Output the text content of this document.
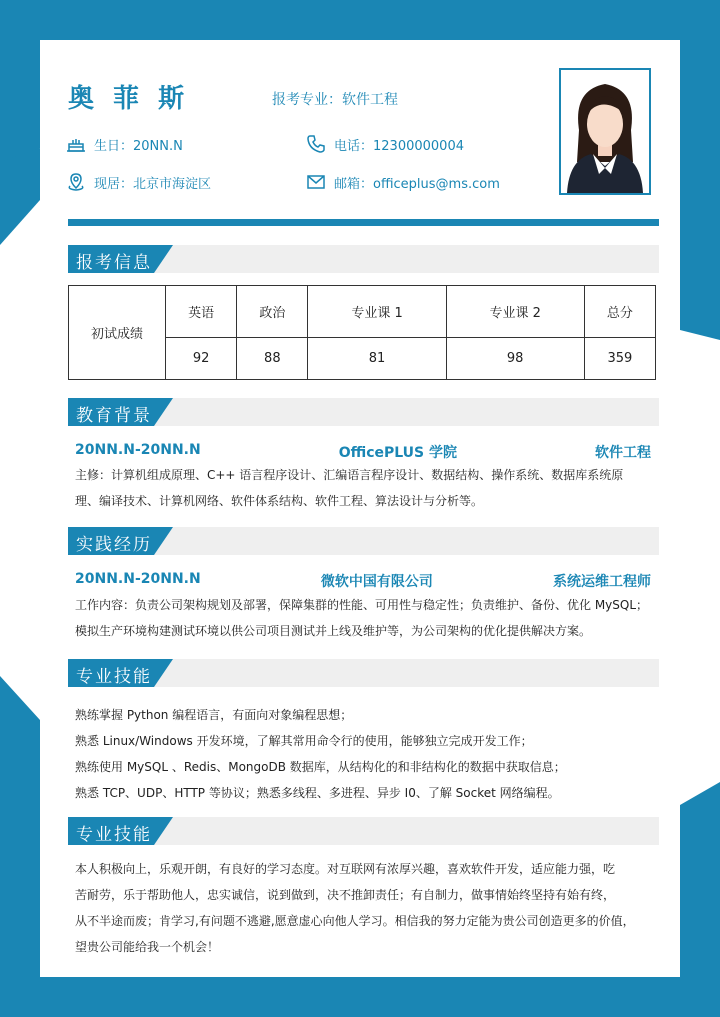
奥 菲 斯	报考专业：软件工程
生日：20NN.N	电话：12300000004
现居：北京市海淀区	邮箱：officeplus@ms.com
报考信息
初试成绩	英语	政治	专业课 1	专业课 2	总分
	92	88	81	98	359
教育背景
20NN.N-20NN.N	OfficePLUS 学院	软件工程
主修：计算机组成原理、C++ 语言程序设计、汇编语言程序设计、数据结构、操作系统、数据库系统原
理、编译技术、计算机网络、软件体系结构、软件工程、算法设计与分析等。
实践经历
20NN.N-20NN.N	微软中国有限公司	系统运维工程师
工作内容：负责公司架构规划及部署，保障集群的性能、可用性与稳定性；负责维护、备份、优化 MySQL；
模拟生产环境构建测试环境以供公司项目测试并上线及维护等，为公司架构的优化提供解决方案。
专业技能
熟练掌握 Python 编程语言，有面向对象编程思想；
熟悉 Linux/Windows 开发环境，了解其常用命令行的使用，能够独立完成开发工作；
熟练使用 MySQL 、Redis、MongoDB 数据库，从结构化的和非结构化的数据中获取信息；
熟悉 TCP、UDP、HTTP 等协议；熟悉多线程、多进程、异步 I0、了解 Socket 网络编程。
专业技能
本人积极向上，乐观开朗，有良好的学习态度。对互联网有浓厚兴趣，喜欢软件开发，适应能力强，吃
苦耐劳，乐于帮助他人，忠实诚信，说到做到，决不推卸责任；有自制力，做事情始终坚持有始有终，
从不半途而废；肯学习,有问题不逃避,愿意虚心向他人学习。相信我的努力定能为贵公司创造更多的价值，
望贵公司能给我一个机会！
